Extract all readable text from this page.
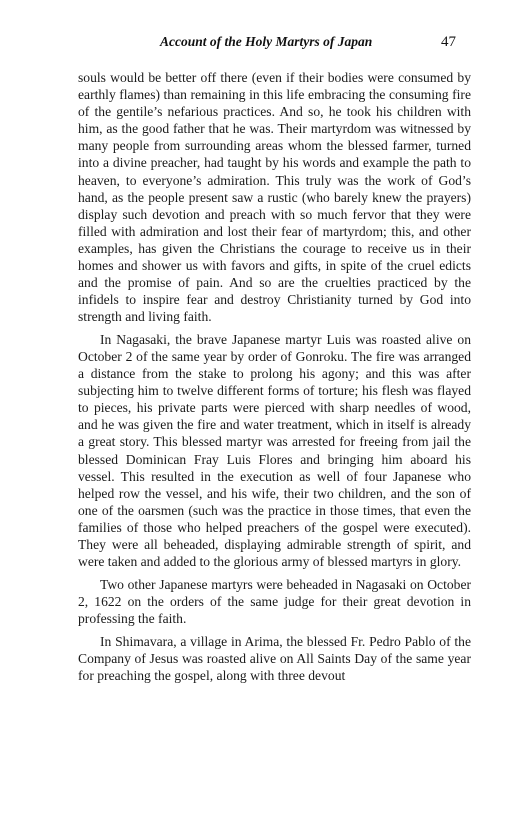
Account of the Holy Martyrs of Japan	47

souls would be better off there (even if their bodies were consumed by earthly flames) than remaining in this life embracing the consuming fire of the gentile’s nefarious practices. And so, he took his children with him, as the good father that he was. Their martyrdom was witnessed by many people from surrounding areas whom the blessed farmer, turned into a divine preacher, had taught by his words and example the path to heaven, to everyone’s admiration. This truly was the work of God’s hand, as the people present saw a rustic (who barely knew the prayers) display such devotion and preach with so much fervor that they were filled with admiration and lost their fear of martyrdom; this, and other examples, has given the Christians the courage to receive us in their homes and shower us with favors and gifts, in spite of the cruel edicts and the promise of pain. And so are the cruelties practiced by the infidels to inspire fear and destroy Christianity turned by God into strength and living faith.

In Nagasaki, the brave Japanese martyr Luis was roasted alive on October 2 of the same year by order of Gonroku. The fire was arranged a distance from the stake to prolong his agony; and this was after subjecting him to twelve different forms of torture; his flesh was flayed to pieces, his private parts were pierced with sharp needles of wood, and he was given the fire and water treatment, which in itself is already a great story. This blessed martyr was arrested for freeing from jail the blessed Dominican Fray Luis Flores and bringing him aboard his vessel. This resulted in the execution as well of four Japanese who helped row the vessel, and his wife, their two children, and the son of one of the oarsmen (such was the practice in those times, that even the families of those who helped preachers of the gospel were executed). They were all beheaded, displaying admirable strength of spirit, and were taken and added to the glorious army of blessed martyrs in glory.

Two other Japanese martyrs were beheaded in Nagasaki on October 2, 1622 on the orders of the same judge for their great devotion in professing the faith.

In Shimavara, a village in Arima, the blessed Fr. Pedro Pablo of the Company of Jesus was roasted alive on All Saints Day of the same year for preaching the gospel, along with three devout
